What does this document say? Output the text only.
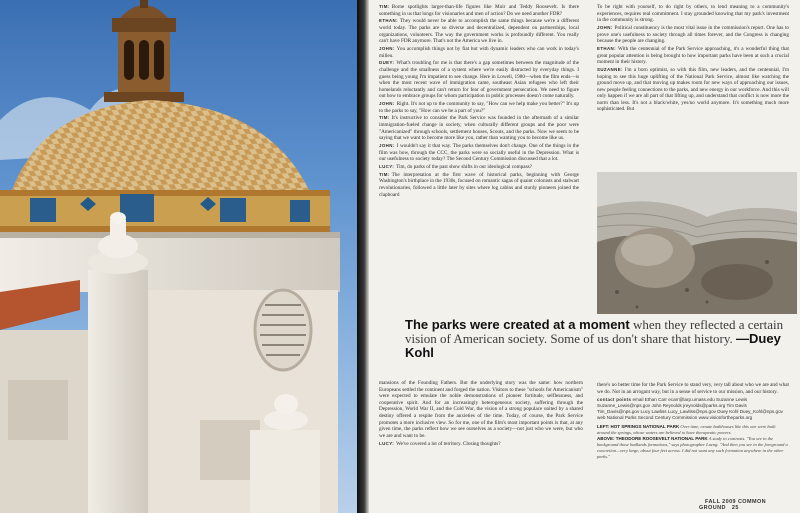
TIM: Borne spotlights larger-than-life figures like Muir and Teddy Roosevelt. Is there something in us that longs for visionaries and men of action? Do we need another FDR?

ETHAN: They would never be able to accomplish the same things because we're a different world today. The parks are so diverse and decentralized, dependent on partnerships, local organizations, volunteers. The way the government works is profoundly different. You really can't have FDR anymore. That's not the America we live in.

JOHN: You accomplish things not by fiat but with dynamic leaders who can work in today's milieu.

DUEY: What's troubling for me is that there's a gap sometimes between the magnitude of the challenge and the smallness of a system where we're easily distracted by everyday things. I guess being young I'm impatient to see change. Here in Lowell, 1980—when the film ends—is when the most recent wave of immigration came, southeast Asian refugees who left their homelands reluctantly and can't return for fear of government persecution. We need to figure out how to embrace groups for whom participation in public processes doesn't come naturally.

JOHN: Right. It's not up to the community to say, "How can we help make you better?" It's up to the parks to say, "How can we be a part of you?"

TIM: It's instructive to consider the Park Service was founded in the aftermath of a similar immigration-fueled change in society, when culturally different groups and the poor were "Americanized" through schools, settlement houses, Scouts, and the parks. Now we seem to be saying that we want to become more like you, rather than wanting you to become like us.

JOHN: I wouldn't say it that way. The parks themselves don't change. One of the things in the film was how, through the CCC, the parks were so socially useful in the Depression. What is our usefulness to society today? The Second Century Commission discussed that a lot.

LUCY: Tim, do parks of the past show shifts in our ideological compass?

TIM: The interpretation at the first wave of historical parks, beginning with George Washington's birthplace in the 1930s, focused on romantic sagas of quaint colonists and stalwart revolutionaries, followed a little later by sites where log cabins and sturdy pioneers joined the clapboard

To be right with yourself, to do right by others, to lend meaning to a community's experiences, requires real commitment. I stay grounded knowing that my park's investment in the community is strong.

JOHN: Political constituency is the most vital issue in the commission's report. One has to prove one's usefulness to society through all times forever, and the Congress is changing because the people are changing.

ETHAN: With the centennial of the Park Service approaching, it's a wonderful thing that great popular attention is being brought to how important parks have been at such a crucial moment in their history.

SUZANNE: I'm a born optimist, so with this film, new leaders, and the centennial, I'm hoping to see this huge uplifting of the National Park Service, almost like watching the ground move up, and that moving up makes room for new ways of approaching our issues, new people feeling connections to the parks, and new energy in our workforce. And this will only happen if we are all part of that lifting up, and understand that conflict is now more the norm than less. It's not a black/white, yes/no world anymore. It's something much more sophisticated. But

The parks were created at a moment when they reflected a certain vision of American society. Some of us don't share that history. —Duey Kohl

mansions of the Founding Fathers. But the underlying story was the same: how northern Europeans settled the continent and forged the nation. Visitors to these "schools for Americanism" were expected to emulate the noble demonstrations of pioneer fortitude, selflessness, and cooperative spirit. And for an increasingly heterogeneous society, suffering through the Depression, World War II, and the Cold War, the vision of a strong populace united by a shared destiny offered a respite from the anxieties of the time. Today, of course, the Park Service promotes a more inclusive view. So for me, one of the film's most important points is that, at any given time, the parks reflect how we see ourselves as a society—not just who we were, but who we are and want to be.

LUCY: We've covered a lot of territory. Closing thoughts?

there's no better time for the Park Service to stand very, very tall about who we are and what we do. Not in an arrogant way, but in a sense of service to our mission, and our history.

contact points email Ethan Carr ecarr@larp.umass.edu Suzanne Lewis Suzanne_Lewis@nps.gov John Reynolds jreynolds@parks.org Tim Davis Tim_Davis@nps.gov Lucy Lawliss Lucy_Lawliss@nps.gov Duey Kohl Duey_Kohl@nps.gov web National Parks Second Century Commission www.visionfortheparks.org
LEFT: HOT SPRINGS NATIONAL PARK Over time, ornate bathhouses like this one were built around the springs, whose waters are believed to have therapeutic powers.
ABOVE: THEODORE ROOSEVELT NATIONAL PARK A study in contrasts. "You see in the background those badlands formations," says photographer Lueng. "And then you see in the foreground a concretion—very large, about four feet across. I did not want any such formation anywhere in the other parks."
FALL 2009 COMMON GROUND 25
